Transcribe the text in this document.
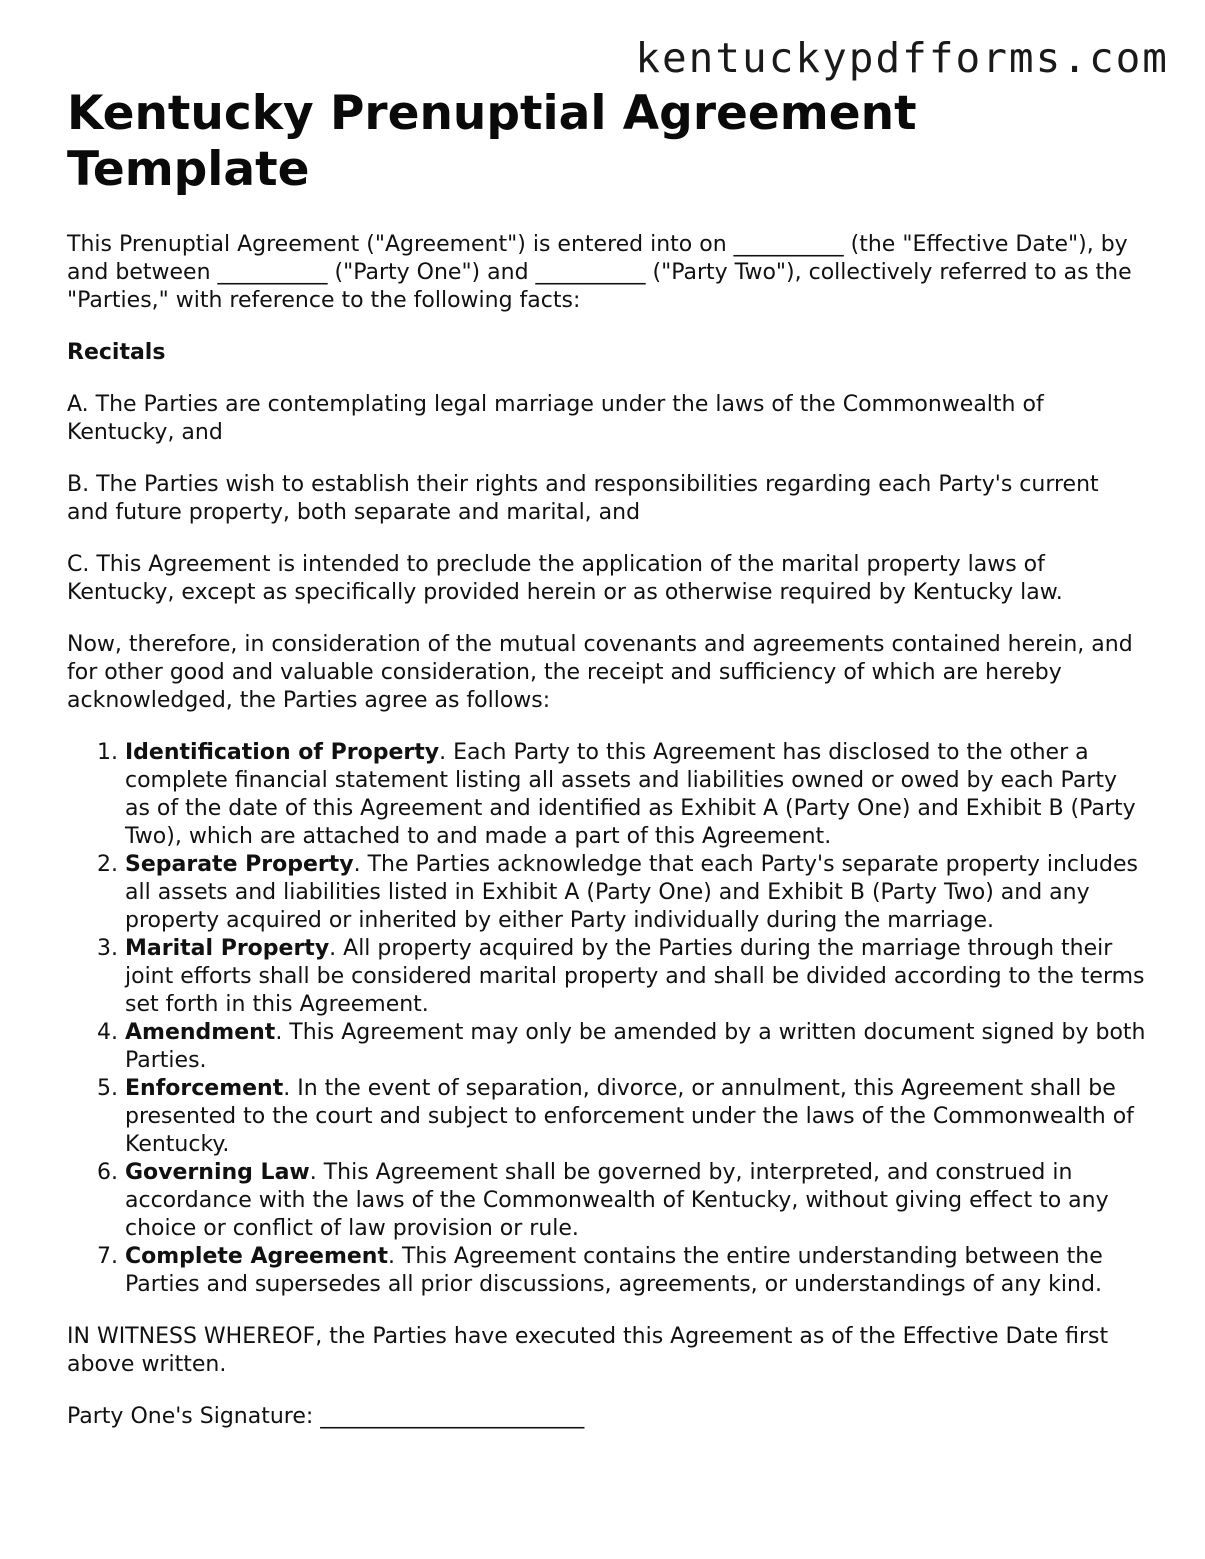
kentuckypdfforms.com
Kentucky Prenuptial Agreement Template

This Prenuptial Agreement ("Agreement") is entered into on __________ (the "Effective Date"), by and between __________ ("Party One") and __________ ("Party Two"), collectively referred to as the "Parties," with reference to the following facts:

Recitals

A. The Parties are contemplating legal marriage under the laws of the Commonwealth of Kentucky, and

B. The Parties wish to establish their rights and responsibilities regarding each Party's current and future property, both separate and marital, and

C. This Agreement is intended to preclude the application of the marital property laws of Kentucky, except as specifically provided herein or as otherwise required by Kentucky law.

Now, therefore, in consideration of the mutual covenants and agreements contained herein, and for other good and valuable consideration, the receipt and sufficiency of which are hereby acknowledged, the Parties agree as follows:

1. Identification of Property. Each Party to this Agreement has disclosed to the other a complete financial statement listing all assets and liabilities owned or owed by each Party as of the date of this Agreement and identified as Exhibit A (Party One) and Exhibit B (Party Two), which are attached to and made a part of this Agreement.
2. Separate Property. The Parties acknowledge that each Party's separate property includes all assets and liabilities listed in Exhibit A (Party One) and Exhibit B (Party Two) and any property acquired or inherited by either Party individually during the marriage.
3. Marital Property. All property acquired by the Parties during the marriage through their joint efforts shall be considered marital property and shall be divided according to the terms set forth in this Agreement.
4. Amendment. This Agreement may only be amended by a written document signed by both Parties.
5. Enforcement. In the event of separation, divorce, or annulment, this Agreement shall be presented to the court and subject to enforcement under the laws of the Commonwealth of Kentucky.
6. Governing Law. This Agreement shall be governed by, interpreted, and construed in accordance with the laws of the Commonwealth of Kentucky, without giving effect to any choice or conflict of law provision or rule.
7. Complete Agreement. This Agreement contains the entire understanding between the Parties and supersedes all prior discussions, agreements, or understandings of any kind.

IN WITNESS WHEREOF, the Parties have executed this Agreement as of the Effective Date first above written.

Party One's Signature: ________________________
